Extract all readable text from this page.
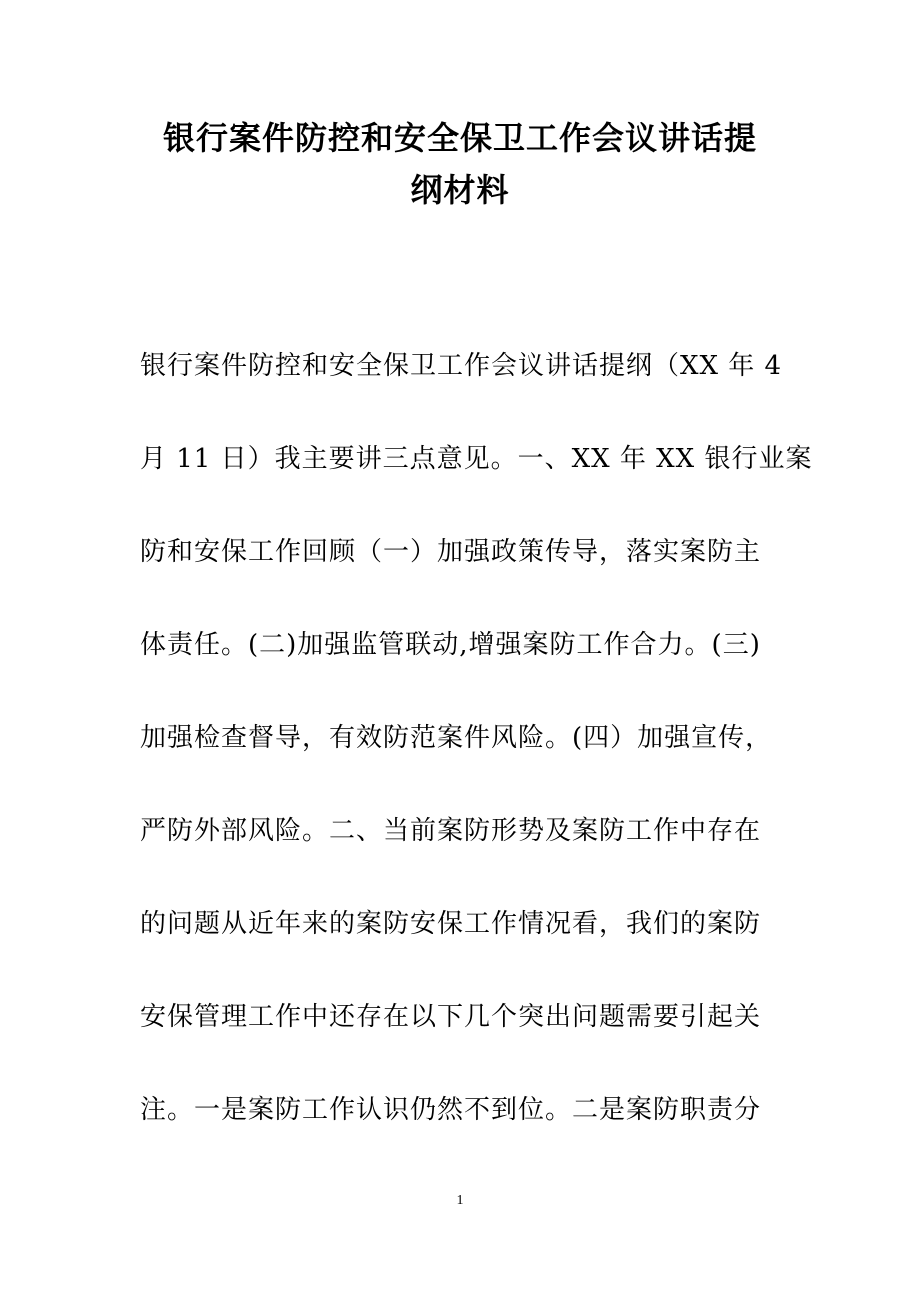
银行案件防控和安全保卫工作会议讲话提
纲材料
银行案件防控和安全保卫工作会议讲话提纲（XX 年 4
月 11 日）我主要讲三点意见。一、XX 年 XX 银行业案
防和安保工作回顾（一）加强政策传导，落实案防主
体责任。(二)加强监管联动,增强案防工作合力。(三)
加强检查督导，有效防范案件风险。(四）加强宣传，
严防外部风险。二、当前案防形势及案防工作中存在
的问题从近年来的案防安保工作情况看，我们的案防
安保管理工作中还存在以下几个突出问题需要引起关
注。一是案防工作认识仍然不到位。二是案防职责分
1
